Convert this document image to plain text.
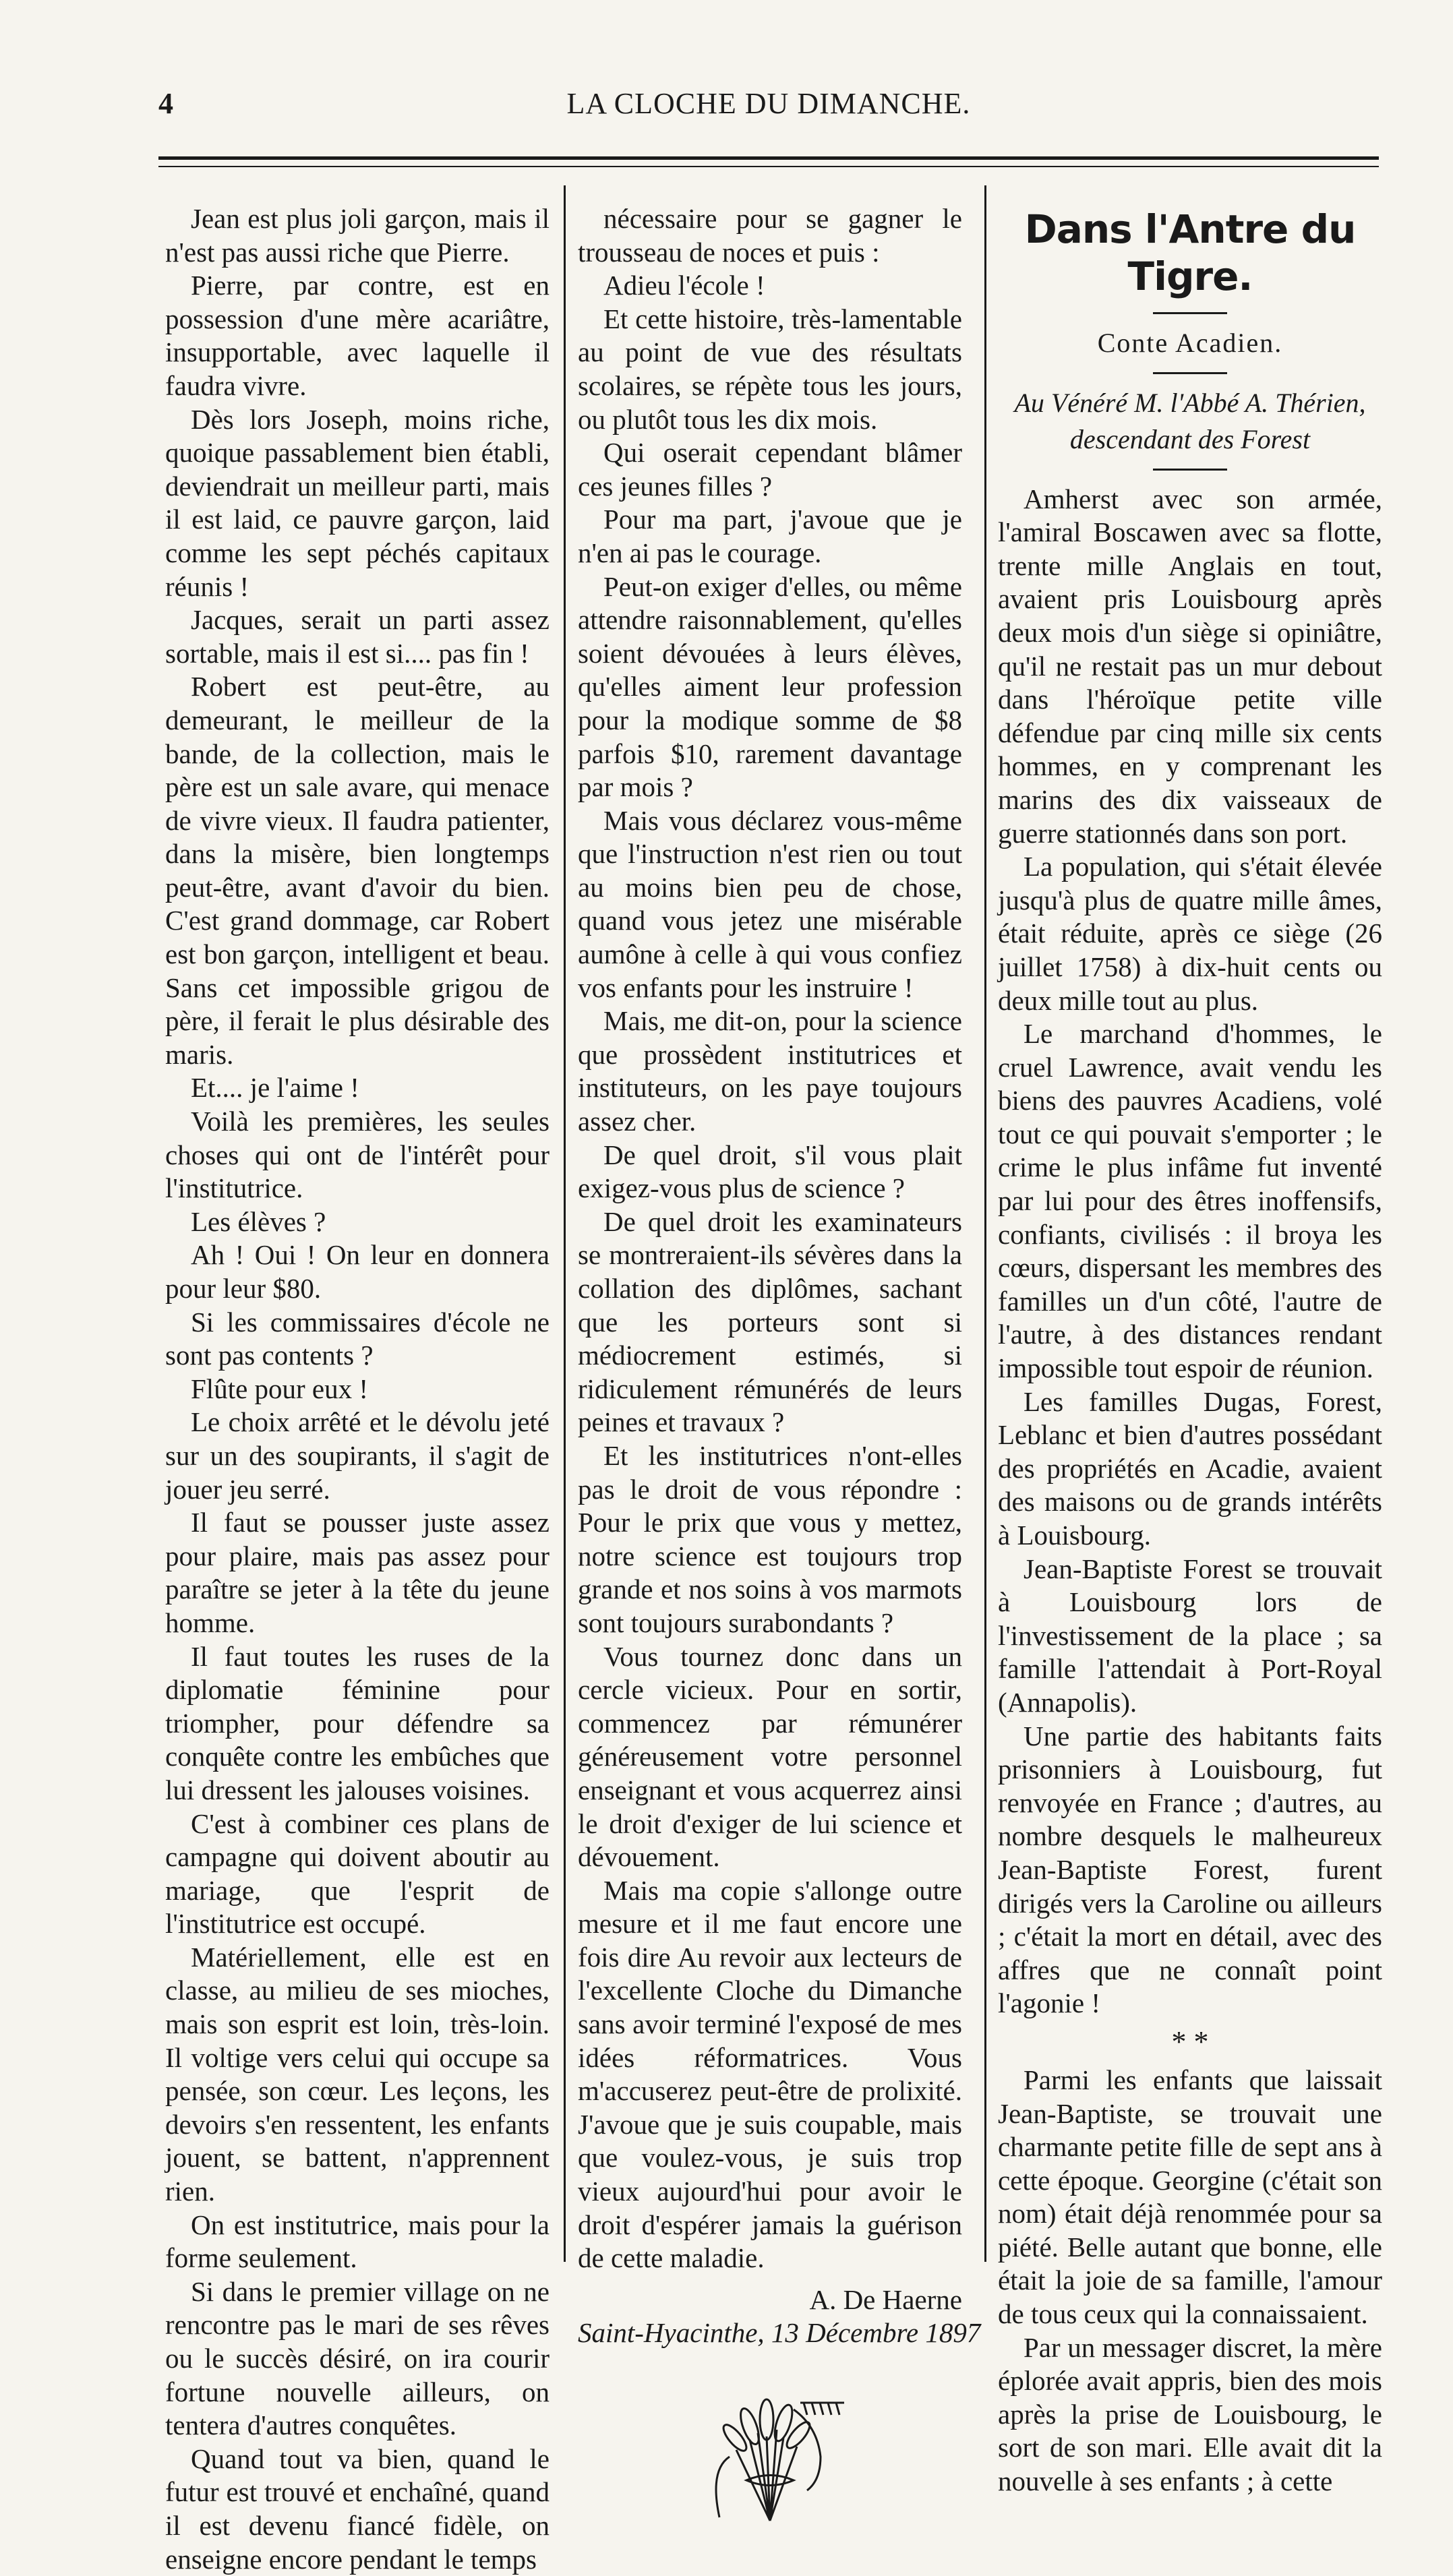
4	LA CLOCHE DU DIMANCHE.

Jean est plus joli garçon, mais il n'est pas aussi riche que Pierre.

Pierre, par contre, est en possession d'une mère acariâtre, insupportable, avec laquelle il faudra vivre.

Dès lors Joseph, moins riche, quoique passablement bien établi, deviendrait un meilleur parti, mais il est laid, ce pauvre garçon, laid comme les sept péchés capitaux réunis !

Jacques, serait un parti assez sortable, mais il est si.... pas fin !

Robert est peut-être, au demeurant, le meilleur de la bande, de la collection, mais le père est un sale avare, qui menace de vivre vieux. Il faudra patienter, dans la misère, bien longtemps peut-être, avant d'avoir du bien. C'est grand dommage, car Robert est bon garçon, intelligent et beau. Sans cet impossible grigou de père, il ferait le plus désirable des maris.

Et.... je l'aime !

Voilà les premières, les seules choses qui ont de l'intérêt pour l'institutrice.

Les élèves ?

Ah ! Oui ! On leur en donnera pour leur $80.

Si les commissaires d'école ne sont pas contents ?

Flûte pour eux !

Le choix arrêté et le dévolu jeté sur un des soupirants, il s'agit de jouer jeu serré.

Il faut se pousser juste assez pour plaire, mais pas assez pour paraître se jeter à la tête du jeune homme.

Il faut toutes les ruses de la diplomatie féminine pour triompher, pour défendre sa conquête contre les embûches que lui dressent les jalouses voisines.

C'est à combiner ces plans de campagne qui doivent aboutir au mariage, que l'esprit de l'institutrice est occupé.

Matériellement, elle est en classe, au milieu de ses mioches, mais son esprit est loin, très-loin. Il voltige vers celui qui occupe sa pensée, son cœur. Les leçons, les devoirs s'en ressentent, les enfants jouent, se battent, n'apprennent rien.

On est institutrice, mais pour la forme seulement.

Si dans le premier village on ne rencontre pas le mari de ses rêves ou le succès désiré, on ira courir fortune nouvelle ailleurs, on tentera d'autres conquêtes.

Quand tout va bien, quand le futur est trouvé et enchaîné, quand il est devenu fiancé fidèle, on enseigne encore pendant le temps

nécessaire pour se gagner le trousseau de noces et puis :

Adieu l'école !

Et cette histoire, très-lamentable au point de vue des résultats scolaires, se répète tous les jours, ou plutôt tous les dix mois.

Qui oserait cependant blâmer ces jeunes filles ?

Pour ma part, j'avoue que je n'en ai pas le courage.

Peut-on exiger d'elles, ou même attendre raisonnablement, qu'elles soient dévouées à leurs élèves, qu'elles aiment leur profession pour la modique somme de $8 parfois $10, rarement davantage par mois ?

Mais vous déclarez vous-même que l'instruction n'est rien ou tout au moins bien peu de chose, quand vous jetez une misérable aumône à celle à qui vous confiez vos enfants pour les instruire !

Mais, me dit-on, pour la science que prossèdent institutrices et instituteurs, on les paye toujours assez cher.

De quel droit, s'il vous plait exigez-vous plus de science ?

De quel droit les examinateurs se montreraient-ils sévères dans la collation des diplômes, sachant que les porteurs sont si médiocrement estimés, si ridiculement rémunérés de leurs peines et travaux ?

Et les institutrices n'ont-elles pas le droit de vous répondre : Pour le prix que vous y mettez, notre science est toujours trop grande et nos soins à vos marmots sont toujours surabondants ?

Vous tournez donc dans un cercle vicieux. Pour en sortir, commencez par rémunérer généreusement votre personnel enseignant et vous acquerrez ainsi le droit d'exiger de lui science et dévouement.

Mais ma copie s'allonge outre mesure et il me faut encore une fois dire Au revoir aux lecteurs de l'excellente Cloche du Dimanche sans avoir terminé l'exposé de mes idées réformatrices. Vous m'accuserez peut-être de prolixité. J'avoue que je suis coupable, mais que voulez-vous, je suis trop vieux aujourd'hui pour avoir le droit d'espérer jamais la guérison de cette maladie.

A. De Haerne
Saint-Hyacinthe, 13 Décembre 1897
Dans l'Antre du Tigre.
Conte Acadien.
Au Vénéré M. l'Abbé A. Thérien,
descendant des Forest

Amherst avec son armée, l'amiral Boscawen avec sa flotte, trente mille Anglais en tout, avaient pris Louisbourg après deux mois d'un siège si opiniâtre, qu'il ne restait pas un mur debout dans l'héroïque petite ville défendue par cinq mille six cents hommes, en y comprenant les marins des dix vaisseaux de guerre stationnés dans son port.

La population, qui s'était élevée jusqu'à plus de quatre mille âmes, était réduite, après ce siège (26 juillet 1758) à dix-huit cents ou deux mille tout au plus.

Le marchand d'hommes, le cruel Lawrence, avait vendu les biens des pauvres Acadiens, volé tout ce qui pouvait s'emporter ; le crime le plus infâme fut inventé par lui pour des êtres inoffensifs, confiants, civilisés : il broya les cœurs, dispersant les membres des familles un d'un côté, l'autre de l'autre, à des distances rendant impossible tout espoir de réunion.

Les familles Dugas, Forest, Leblanc et bien d'autres possédant des propriétés en Acadie, avaient des maisons ou de grands intérêts à Louisbourg.

Jean-Baptiste Forest se trouvait à Louisbourg lors de l'investissement de la place ; sa famille l'attendait à Port-Royal (Annapolis).

Une partie des habitants faits prisonniers à Louisbourg, fut renvoyée en France ; d'autres, au nombre desquels le malheureux Jean-Baptiste Forest, furent dirigés vers la Caroline ou ailleurs ; c'était la mort en détail, avec des affres que ne connaît point l'agonie !

* *

Parmi les enfants que laissait Jean-Baptiste, se trouvait une charmante petite fille de sept ans à cette époque. Georgine (c'était son nom) était déjà renommée pour sa piété. Belle autant que bonne, elle était la joie de sa famille, l'amour de tous ceux qui la connaissaient.

Par un messager discret, la mère éplorée avait appris, bien des mois après la prise de Louisbourg, le sort de son mari. Elle avait dit la nouvelle à ses enfants ; à cette
